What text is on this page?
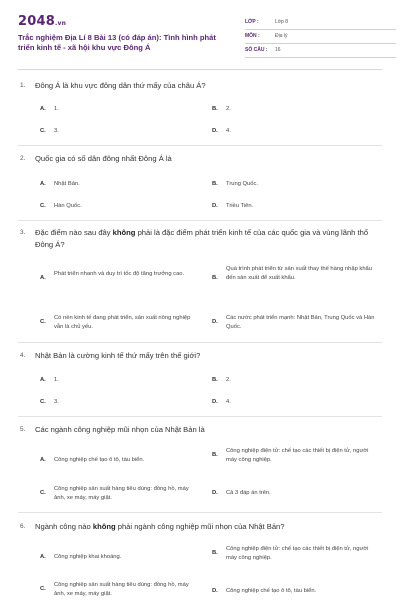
2048.vn
Trắc nghiệm Địa Lí 8 Bài 13 (có đáp án): Tình hình phát triển kinh tế - xã hội khu vực Đông Á
LỚP :	Lớp 8
MÔN :	Địa lý
SỐ CÂU : 16
1. Đông Á là khu vực đông dân thứ mấy của châu Á?
A. 1.	B. 2.
C. 3.	D. 4.
2. Quốc gia có số dân đông nhất Đông Á là
A. Nhật Bản.	B. Trung Quốc.
C. Hàn Quốc.	D. Triều Tiên.
3. Đặc điểm nào sau đây không phải là đặc điểm phát triển kinh tế của các quốc gia và vùng lãnh thổ Đông Á?
A.
Phát triển nhanh và duy trì tốc độ tăng trưởng cao.
B.
Quá trình phát triển từ sản xuất thay thế hàng nhập khẩu đến sản xuất để xuất khẩu.
C.
Có nền kinh tế đang phát triển, sản xuất nông nghiệp vẫn là chủ yếu.
D.
Các nước phát triển mạnh: Nhật Bản, Trung Quốc và Hàn Quốc.
4. Nhật Bản là cường kinh tế thứ mấy trên thế giới?
A. 1.	B. 2.
C. 3.	D. 4.
5. Các ngành công nghiệp mũi nhọn của Nhật Bản là
A. Công nghiệp chế tạo ô tô, tàu biển.
B.
Công nghiệp điện tử: chế tạo các thiết bị điện tử, người máy công nghiệp.
C.
Công nghiệp sản xuất hàng tiêu dùng: đồng hồ, máy ảnh, xe máy, máy giặt.
D. Cả 3 đáp án trên.
6. Ngành công nào không phải ngành công nghiệp mũi nhọn của Nhật Bản?
A. Công nghiệp khai khoáng.
B.
Công nghiệp điện tử: chế tạo các thiết bị điện tử, người máy công nghiệp.
C.
Công nghiệp sản xuất hàng tiêu dùng: đồng hồ, máy ảnh, xe máy, máy giặt.	D. Công nghiệp chế tạo ô tô, tàu biển.
